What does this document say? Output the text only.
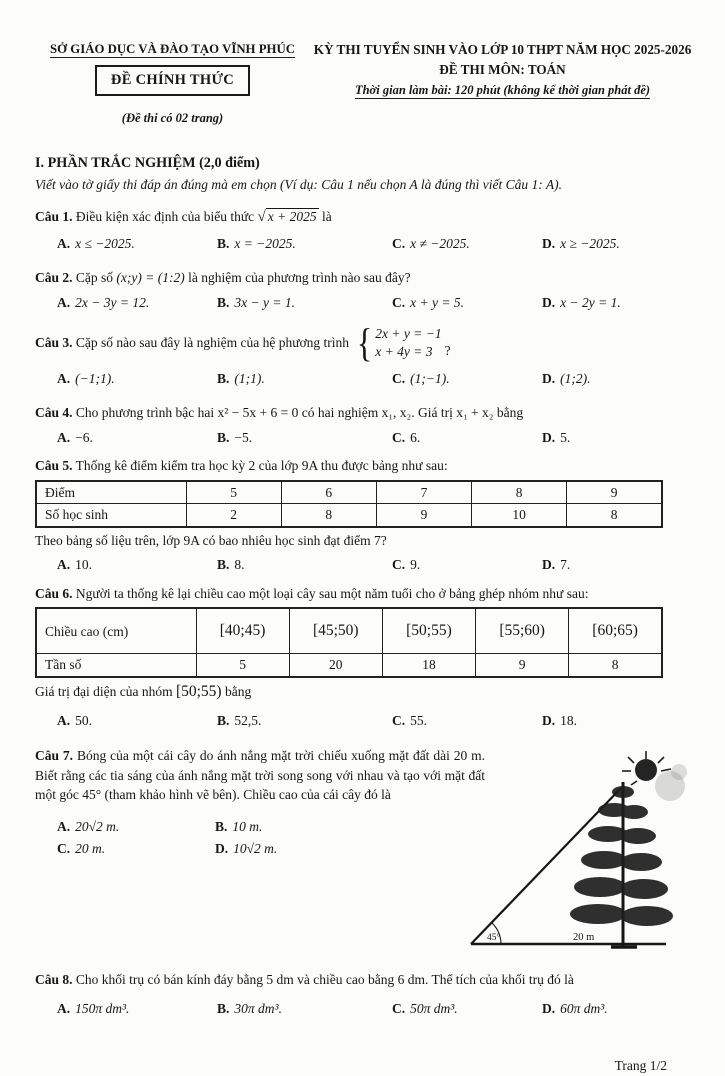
SỞ GIÁO DỤC VÀ ĐÀO TẠO VĨNH PHÚC
ĐỀ CHÍNH THỨC
(Đề thi có 02 trang)
KỲ THI TUYỂN SINH VÀO LỚP 10 THPT NĂM HỌC 2025-2026
ĐỀ THI MÔN: TOÁN
Thời gian làm bài: 120 phút (không kể thời gian phát đề)
I. PHẦN TRẮC NGHIỆM (2,0 điểm)
Viết vào tờ giấy thi đáp án đúng mà em chọn (Ví dụ: Câu 1 nếu chọn A là đúng thì viết Câu 1: A).
Câu 1. Điều kiện xác định của biểu thức √ x + 2025 là
A. x ≤ −2025.	B. x = −2025.	C. x ≠ −2025.	D. x ≥ −2025.
Câu 2. Cặp số (x;y) = (1:2) là nghiệm của phương trình nào sau đây?
A. 2x − 3y = 12.	B. 3x − y = 1.	C. x + y = 5.	D. x − 2y = 1.
Câu 3. Cặp số nào sau đây là nghiệm của hệ phương trình { 2x + y = −1
x + 4y = 3 ?
A. (−1;1).	B. (1;1).	C. (1;−1).	D. (1;2).
Câu 4. Cho phương trình bậc hai x² − 5x + 6 = 0 có hai nghiệm x₁, x₂. Giá trị x₁ + x₂ bằng
A. −6.	B. −5.	C. 6.	D. 5.
Câu 5. Thống kê điểm kiểm tra học kỳ 2 của lớp 9A thu được bảng như sau:
Điểm	5	6	7	8	9
Số học sinh	2	8	9	10	8
Theo bảng số liệu trên, lớp 9A có bao nhiêu học sinh đạt điểm 7?
A. 10.	B. 8.	C. 9.	D. 7.
Câu 6. Người ta thống kê lại chiều cao một loại cây sau một năm tuổi cho ở bảng ghép nhóm như sau:
Chiều cao (cm)	[40;45)	[45;50)	[50;55)	[55;60)	[60;65)
Tần số	5	20	18	9	8
Giá trị đại diện của nhóm [50;55) bằng
A. 50.	B. 52,5.	C. 55.	D. 18.
Câu 7. Bóng của một cái cây do ánh nắng mặt trời chiếu xuống mặt đất dài 20 m. Biết rằng các tia sáng của ánh nắng mặt trời song song với nhau và tạo với mặt đất một góc 45° (tham khảo hình vẽ bên). Chiều cao của cái cây đó là
A. 20√2 m.	B. 10 m.
C. 20 m.	D. 10√2 m.
45°	20 m
Câu 8. Cho khối trụ có bán kính đáy bằng 5 dm và chiều cao bằng 6 dm. Thể tích của khối trụ đó là
A. 150π dm³.	B. 30π dm³.	C. 50π dm³.	D. 60π dm³.
Trang 1/2
